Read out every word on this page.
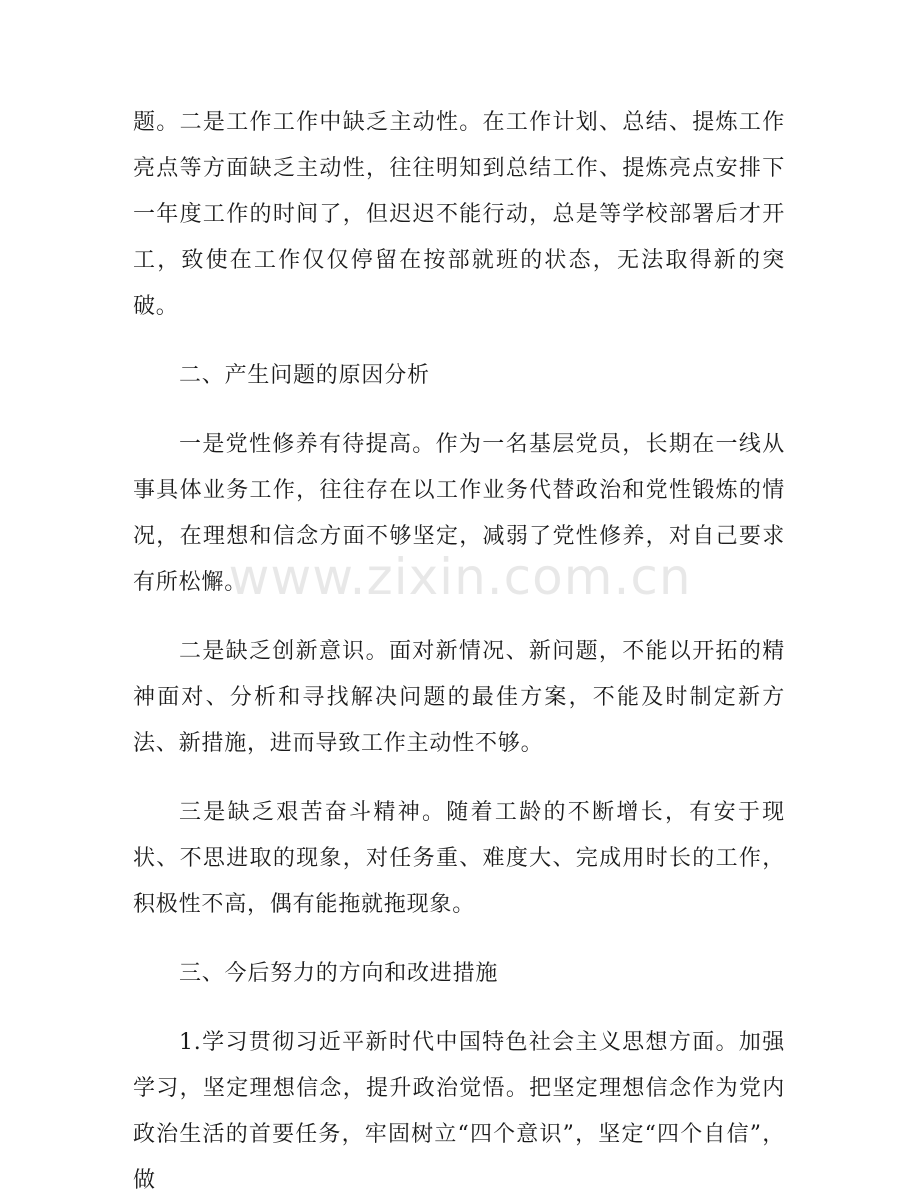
题。二是工作工作中缺乏主动性。在工作计划、总结、提炼工作亮点等方面缺乏主动性，往往明知到总结工作、提炼亮点安排下一年度工作的时间了，但迟迟不能行动，总是等学校部署后才开工，致使在工作仅仅停留在按部就班的状态，无法取得新的突破。

二、产生问题的原因分析

一是党性修养有待提高。作为一名基层党员，长期在一线从事具体业务工作，往往存在以工作业务代替政治和党性锻炼的情况，在理想和信念方面不够坚定，减弱了党性修养，对自己要求有所松懈。

二是缺乏创新意识。面对新情况、新问题，不能以开拓的精神面对、分析和寻找解决问题的最佳方案，不能及时制定新方法、新措施，进而导致工作主动性不够。

三是缺乏艰苦奋斗精神。随着工龄的不断增长，有安于现状、不思进取的现象，对任务重、难度大、完成用时长的工作，积极性不高，偶有能拖就拖现象。

三、今后努力的方向和改进措施

1.学习贯彻习近平新时代中国特色社会主义思想方面。加强学习，坚定理想信念，提升政治觉悟。把坚定理想信念作为党内政治生活的首要任务，牢固树立“四个意识”，坚定“四个自信”，做

www.zixin.com.cn
